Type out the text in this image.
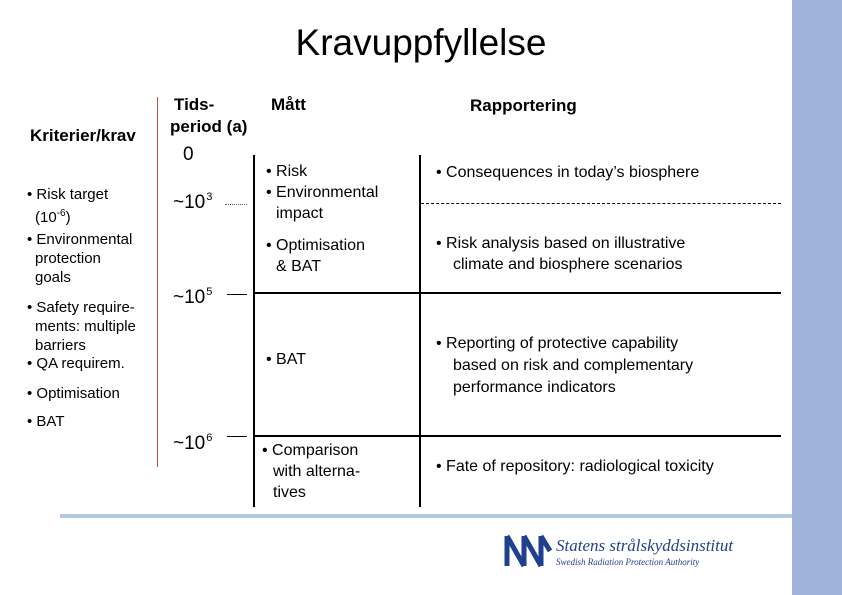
Kravuppfyllelse
Kriterier/krav
Tids-
period (a)
Mått	Rapportering
• Risk target
$(10^{-6})$
• Environmental
protection
goals
• Safety require-
ments: multiple
barriers
• QA requirem.
• Optimisation
• BAT
0
$\sim 10^3$
$\sim 10^5$
$\sim 10^6$
• Risk
• Environmental
impact
• Optimisation
& BAT
• BAT
• Comparison
with alterna-
tives
• Consequences in today’s biosphere
• Risk analysis based on illustrative
climate and biosphere scenarios
• Reporting of protective capability
based on risk and complementary
performance indicators
• Fate of repository: radiological toxicity
Statens strålskyddsinstitut
Swedish Radiation Protection Authority
